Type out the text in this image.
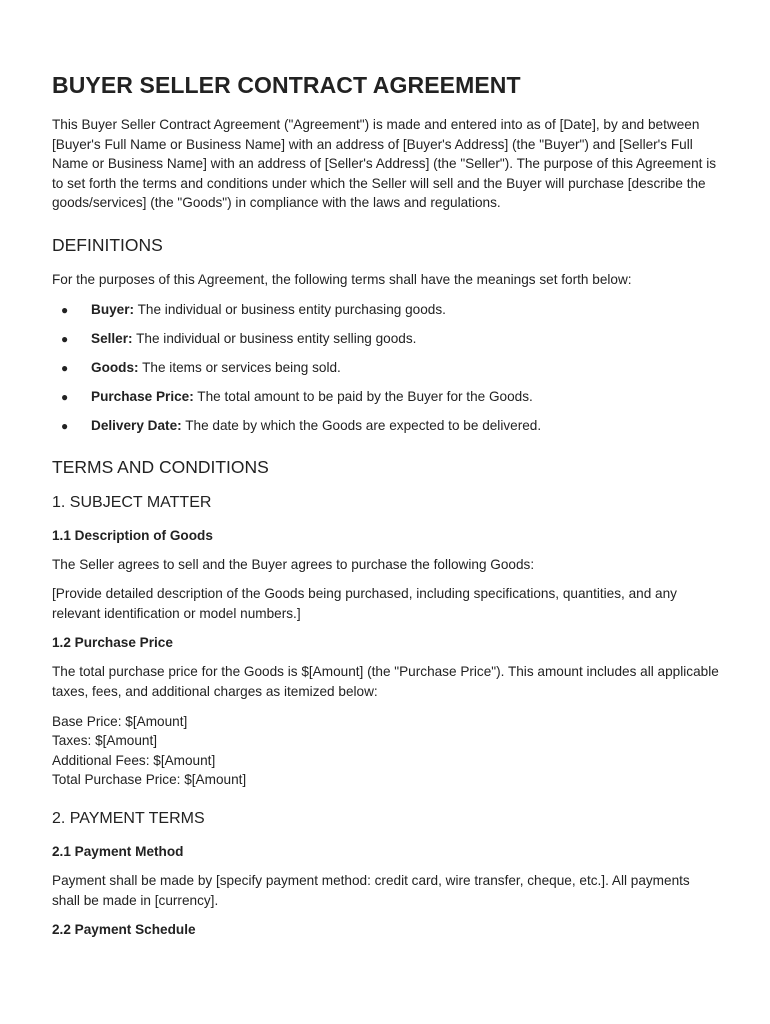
BUYER SELLER CONTRACT AGREEMENT

This Buyer Seller Contract Agreement ("Agreement") is made and entered into as of [Date], by and between [Buyer's Full Name or Business Name] with an address of [Buyer's Address] (the "Buyer") and [Seller's Full Name or Business Name] with an address of [Seller's Address] (the "Seller"). The purpose of this Agreement is to set forth the terms and conditions under which the Seller will sell and the Buyer will purchase [describe the goods/services] (the "Goods") in compliance with the laws and regulations.

DEFINITIONS

For the purposes of this Agreement, the following terms shall have the meanings set forth below:

● Buyer: The individual or business entity purchasing goods.
● Seller: The individual or business entity selling goods.
● Goods: The items or services being sold.
● Purchase Price: The total amount to be paid by the Buyer for the Goods.
● Delivery Date: The date by which the Goods are expected to be delivered.
TERMS AND CONDITIONS
1. SUBJECT MATTER
1.1 Description of Goods

The Seller agrees to sell and the Buyer agrees to purchase the following Goods:

[Provide detailed description of the Goods being purchased, including specifications, quantities, and any relevant identification or model numbers.]

1.2 Purchase Price

The total purchase price for the Goods is $[Amount] (the "Purchase Price"). This amount includes all applicable taxes, fees, and additional charges as itemized below:

Base Price: $[Amount]
Taxes: $[Amount]
Additional Fees: $[Amount]
Total Purchase Price: $[Amount]
2. PAYMENT TERMS
2.1 Payment Method

Payment shall be made by [specify payment method: credit card, wire transfer, cheque, etc.]. All payments shall be made in [currency].

2.2 Payment Schedule
